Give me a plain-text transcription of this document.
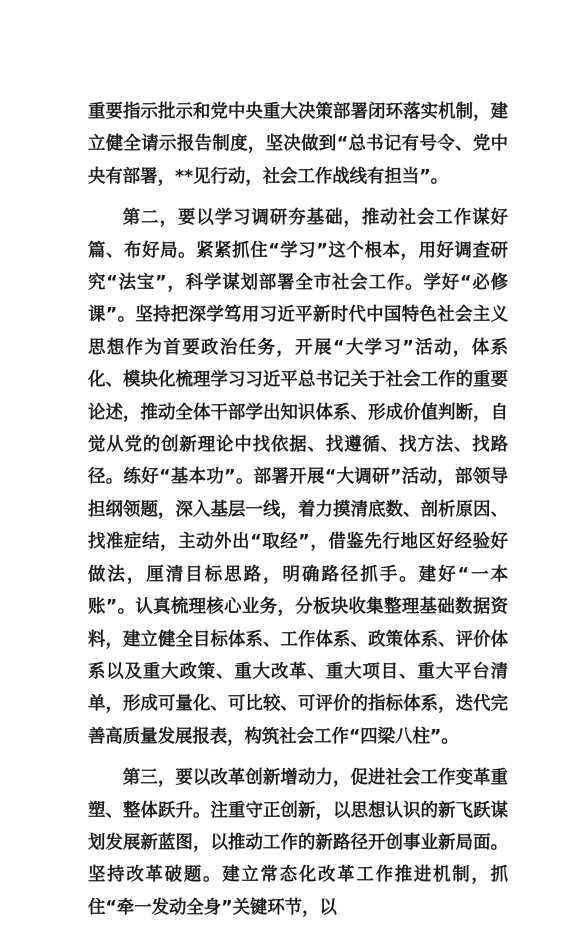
重要指示批示和党中央重大决策部署闭环落实机制，建立健全请示报告制度，坚决做到“总书记有号令、党中央有部署，**见行动，社会工作战线有担当”。

第二，要以学习调研夯基础，推动社会工作谋好篇、布好局。紧紧抓住“学习”这个根本，用好调查研究“法宝”，科学谋划部署全市社会工作。学好“必修课”。坚持把深学笃用习近平新时代中国特色社会主义思想作为首要政治任务，开展“大学习”活动，体系化、模块化梳理学习习近平总书记关于社会工作的重要论述，推动全体干部学出知识体系、形成价值判断，自觉从党的创新理论中找依据、找遵循、找方法、找路径。练好“基本功”。部署开展“大调研”活动，部领导担纲领题，深入基层一线，着力摸清底数、剖析原因、找准症结，主动外出“取经”，借鉴先行地区好经验好做法，厘清目标思路，明确路径抓手。建好“一本账”。认真梳理核心业务，分板块收集整理基础数据资料，建立健全目标体系、工作体系、政策体系、评价体系以及重大政策、重大改革、重大项目、重大平台清单，形成可量化、可比较、可评价的指标体系，迭代完善高质量发展报表，构筑社会工作“四梁八柱”。

第三，要以改革创新增动力，促进社会工作变革重塑、整体跃升。注重守正创新，以思想认识的新飞跃谋划发展新蓝图，以推动工作的新路径开创事业新局面。坚持改革破题。建立常态化改革工作推进机制，抓住“牵一发动全身”关键环节，以
